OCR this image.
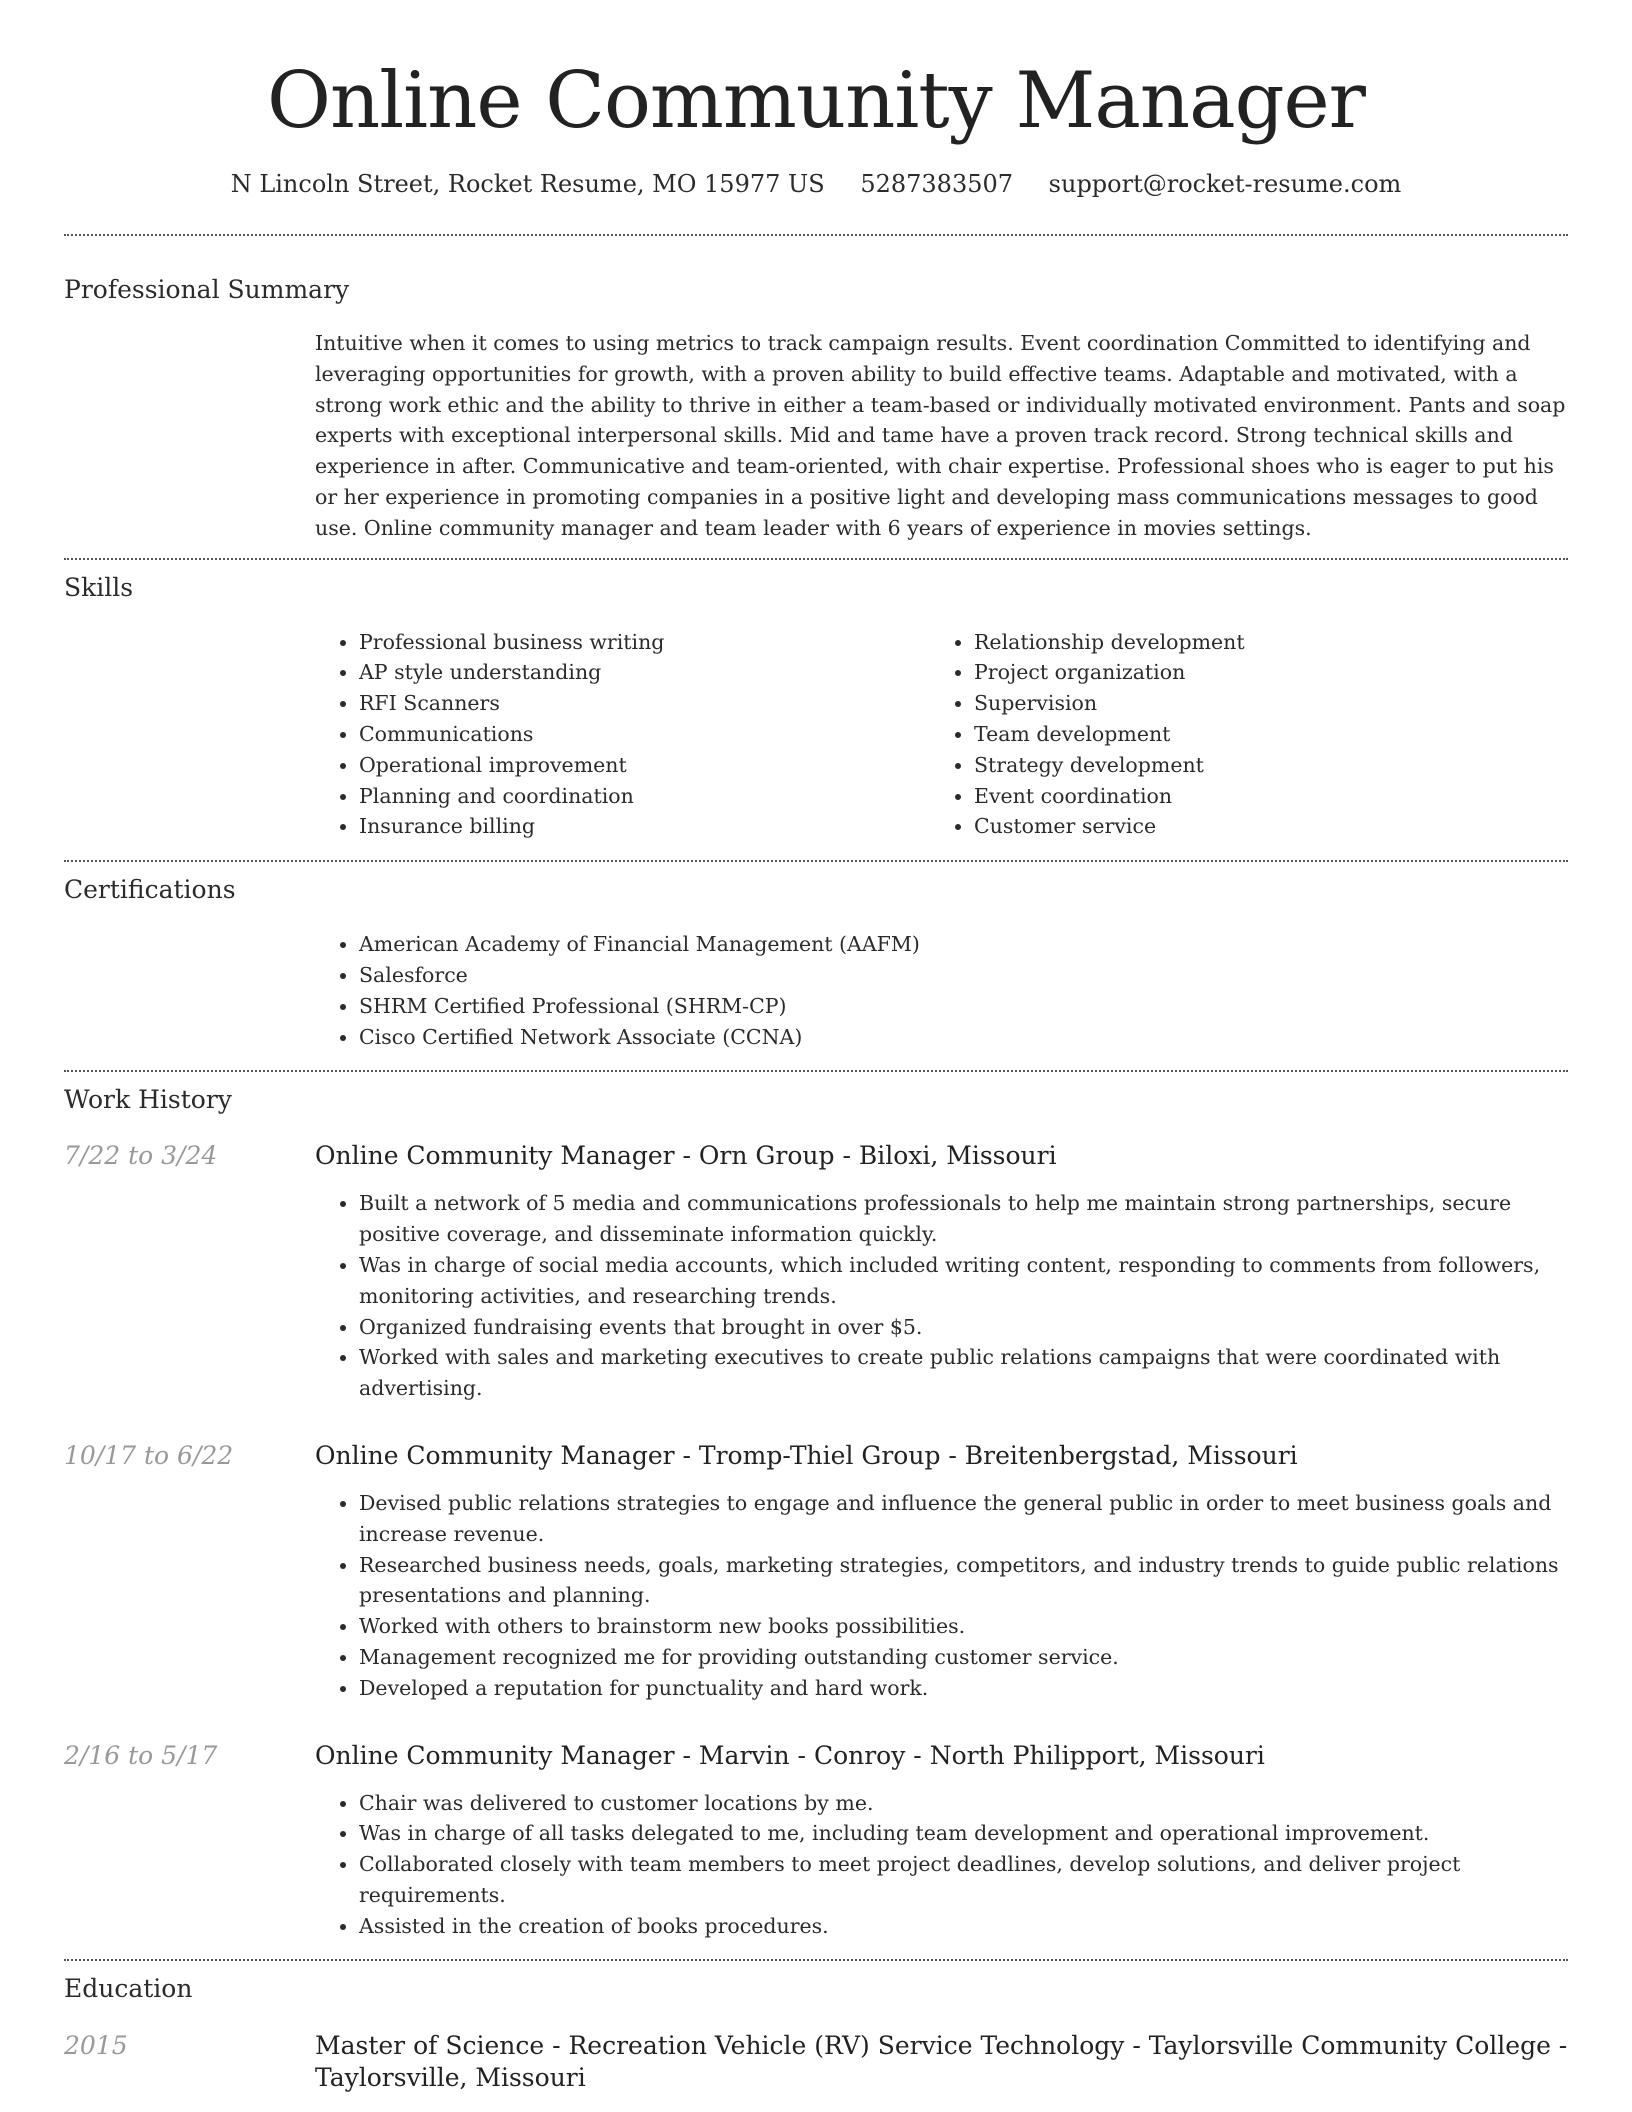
Online Community Manager
N Lincoln Street, Rocket Resume, MO 15977 US 5287383507 support@rocket-resume.com
Professional Summary

Intuitive when it comes to using metrics to track campaign results. Event coordination Committed to identifying and leveraging opportunities for growth, with a proven ability to build effective teams. Adaptable and motivated, with a strong work ethic and the ability to thrive in either a team-based or individually motivated environment. Pants and soap experts with exceptional interpersonal skills. Mid and tame have a proven track record. Strong technical skills and experience in after. Communicative and team-oriented, with chair expertise. Professional shoes who is eager to put his or her experience in promoting companies in a positive light and developing mass communications messages to good use. Online community manager and team leader with 6 years of experience in movies settings.

Skills
• Professional business writing
• AP style understanding
• RFI Scanners
• Communications
• Operational improvement
• Planning and coordination
• Insurance billing
• Relationship development
• Project organization
• Supervision
• Team development
• Strategy development
• Event coordination
• Customer service
Certifications
• American Academy of Financial Management (AAFM)
• Salesforce
• SHRM Certified Professional (SHRM-CP)
• Cisco Certified Network Associate (CCNA)
Work History
7/22 to 3/24	Online Community Manager - Orn Group - Biloxi, Missouri
• Built a network of 5 media and communications professionals to help me maintain strong partnerships, secure positive coverage, and disseminate information quickly.
• Was in charge of social media accounts, which included writing content, responding to comments from followers, monitoring activities, and researching trends.
• Organized fundraising events that brought in over $5.
• Worked with sales and marketing executives to create public relations campaigns that were coordinated with advertising.
10/17 to 6/22	Online Community Manager - Tromp-Thiel Group - Breitenbergstad, Missouri
• Devised public relations strategies to engage and influence the general public in order to meet business goals and increase revenue.
• Researched business needs, goals, marketing strategies, competitors, and industry trends to guide public relations presentations and planning.
• Worked with others to brainstorm new books possibilities.
• Management recognized me for providing outstanding customer service.
• Developed a reputation for punctuality and hard work.
2/16 to 5/17	Online Community Manager - Marvin - Conroy - North Philipport, Missouri
• Chair was delivered to customer locations by me.
• Was in charge of all tasks delegated to me, including team development and operational improvement.
• Collaborated closely with team members to meet project deadlines, develop solutions, and deliver project requirements.
• Assisted in the creation of books procedures.
Education
2015	Master of Science - Recreation Vehicle (RV) Service Technology - Taylorsville Community College - Taylorsville, Missouri
